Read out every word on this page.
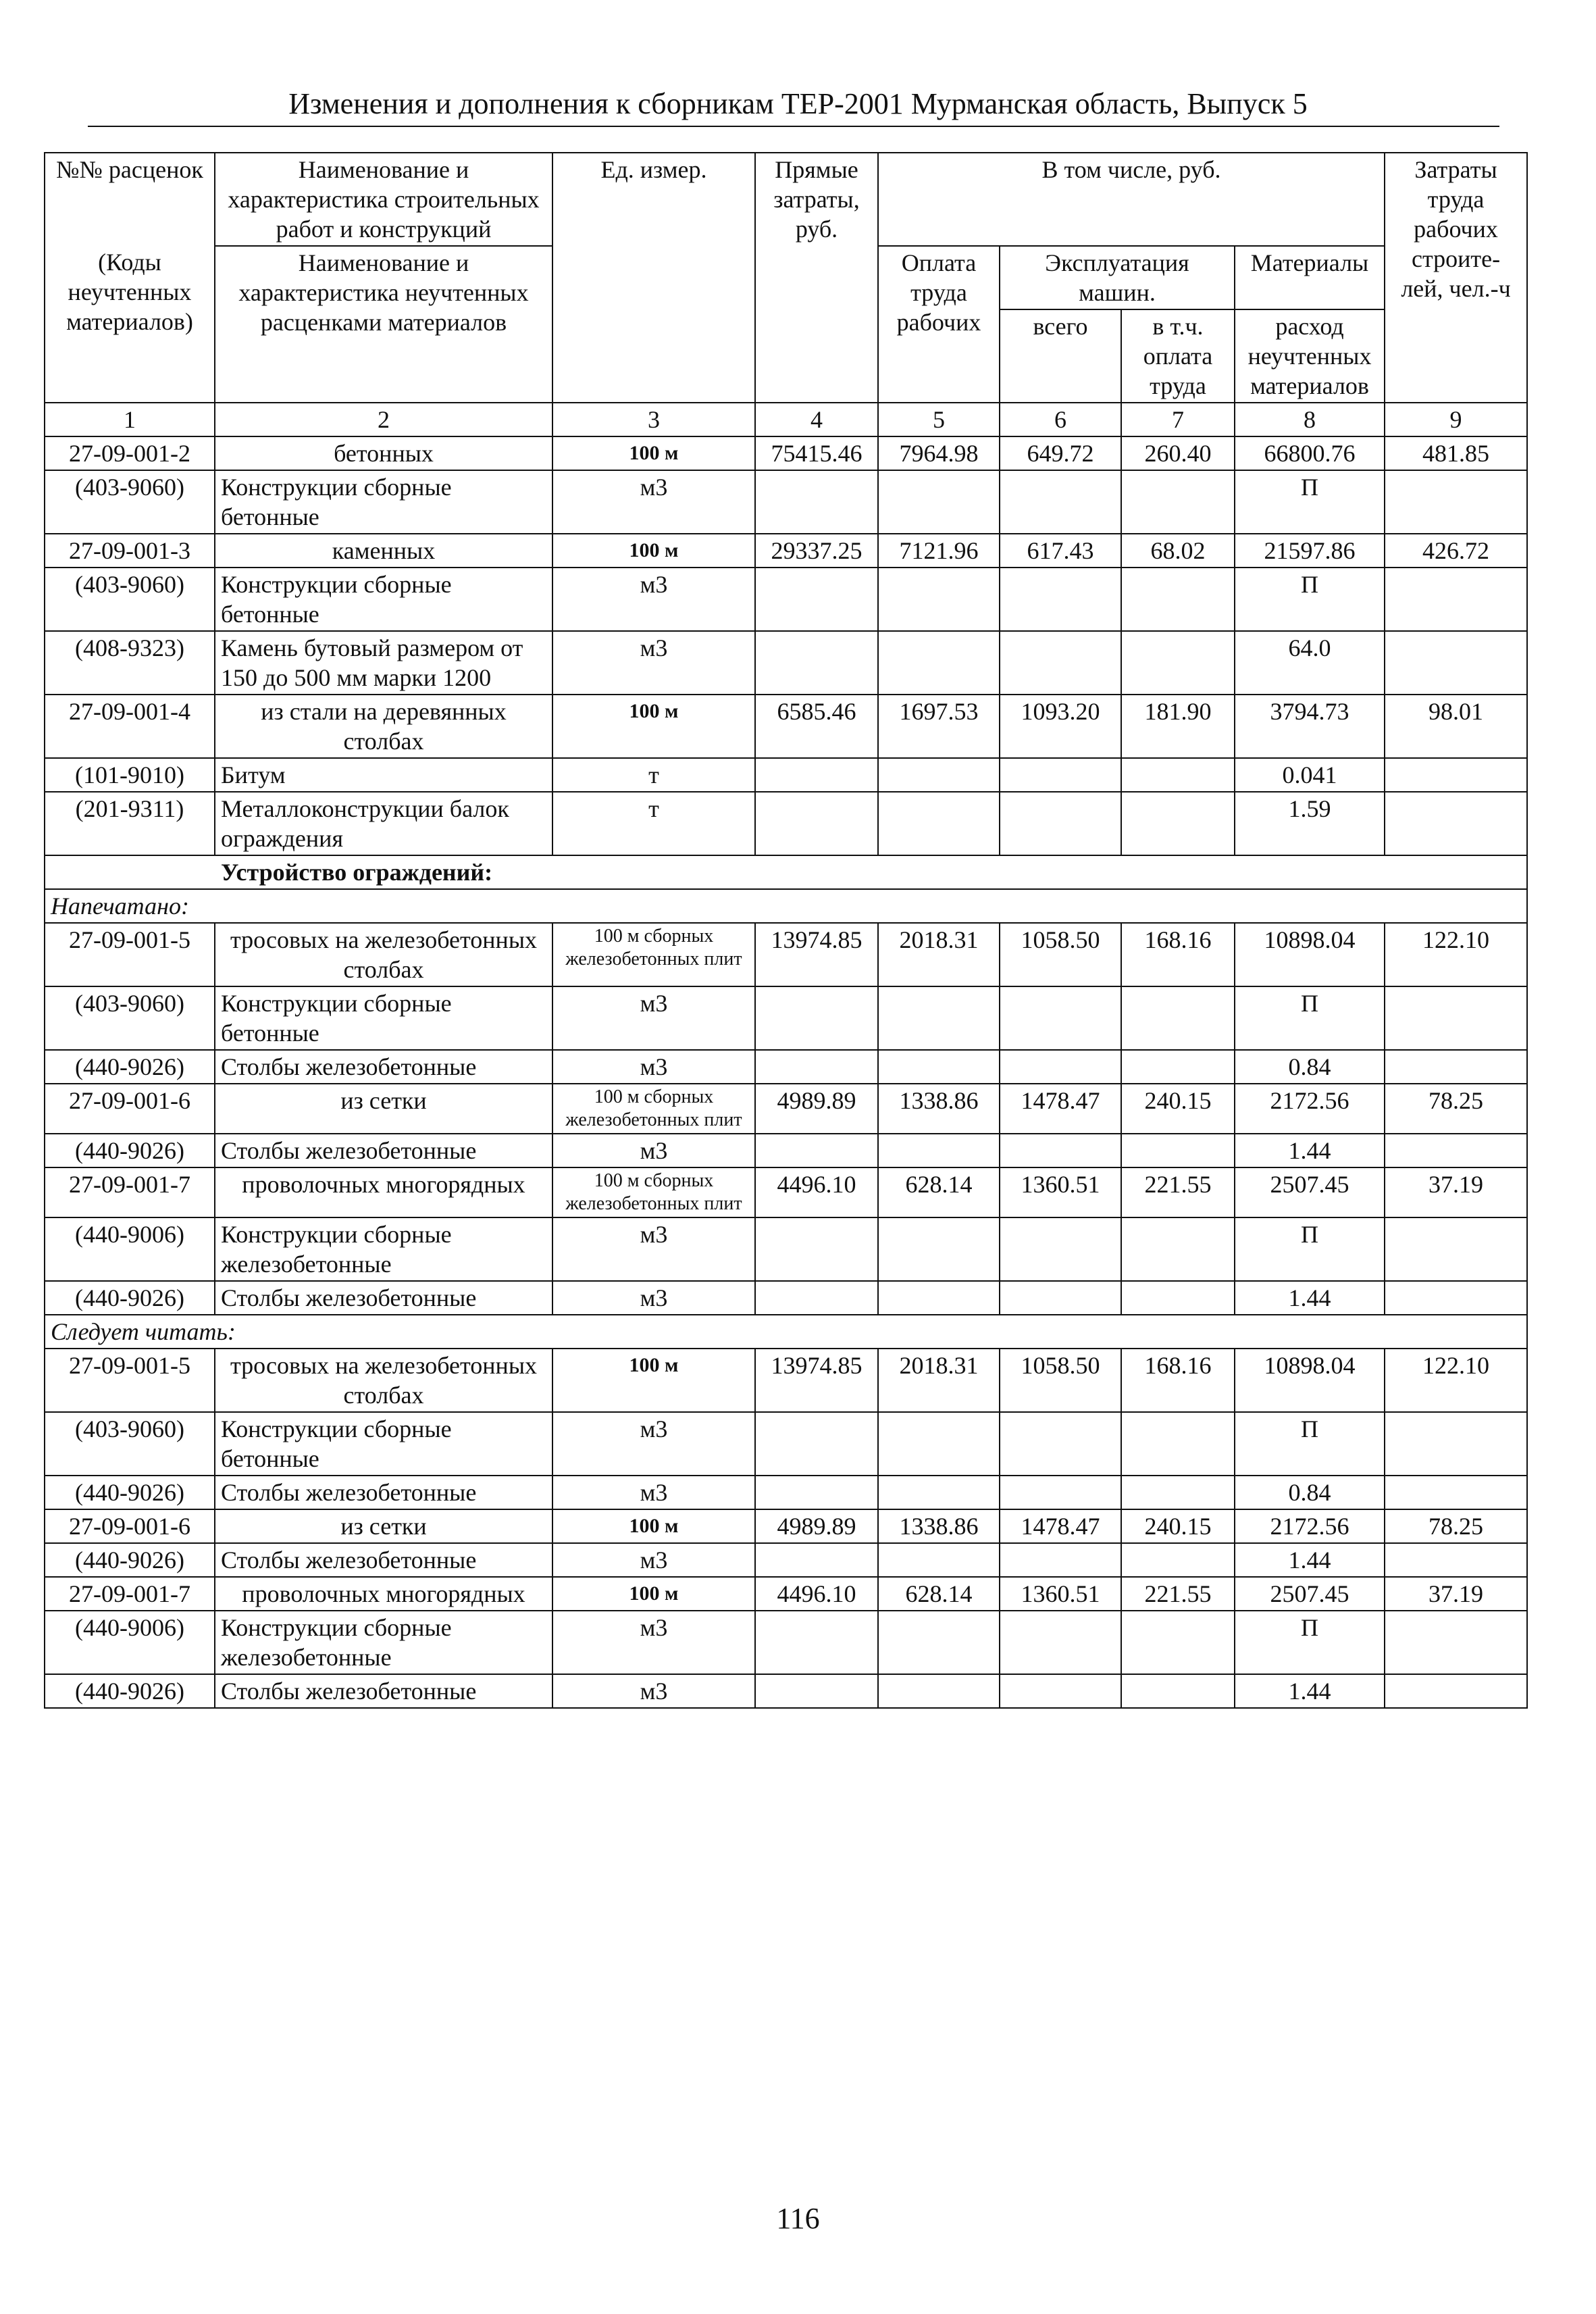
Изменения и дополнения к сборникам ТЕР-2001 Мурманская область, Выпуск 5
№№ расценок	Наименование и характеристика строительных работ и конструкций	Ед. измер.	Прямые затраты, руб.	В том числе, руб.				Затраты труда рабочих строите-лей, чел.-ч
(Коды неучтенных материалов)	Наименование и характеристика неучтенных расценками материалов			Оплата труда рабочих	Эксплуатация машин.		Материалы	
					всего	в т.ч. оплата труда	расход неучтенных материалов	
1	2	3	4	5	6	7	8	9
27-09-001-2	бетонных	100 м	75415.46	7964.98	649.72	260.40	66800.76	481.85
(403-9060)	Конструкции сборные бетонные	м3					П	
27-09-001-3	каменных	100 м	29337.25	7121.96	617.43	68.02	21597.86	426.72
(403-9060)	Конструкции сборные бетонные	м3					П	
(408-9323)	Камень бутовый размером от 150 до 500 мм марки 1200	м3					64.0	
27-09-001-4	из стали на деревянных столбах	100 м	6585.46	1697.53	1093.20	181.90	3794.73	98.01
(101-9010)	Битум	т					0.041	
(201-9311)	Металлоконструкции балок ограждения	т					1.59	
Устройство ограждений:								
Напечатано:								
27-09-001-5	тросовых на железобетонных столбах	100 м сборных железобетонных плит	13974.85	2018.31	1058.50	168.16	10898.04	122.10
(403-9060)	Конструкции сборные бетонные	м3					П	
(440-9026)	Столбы железобетонные	м3					0.84	
27-09-001-6	из сетки	100 м сборных железобетонных плит	4989.89	1338.86	1478.47	240.15	2172.56	78.25
(440-9026)	Столбы железобетонные	м3					1.44	
27-09-001-7	проволочных многорядных	100 м сборных железобетонных плит	4496.10	628.14	1360.51	221.55	2507.45	37.19
(440-9006)	Конструкции сборные железобетонные	м3					П	
(440-9026)	Столбы железобетонные	м3					1.44	
Следует читать:								
27-09-001-5	тросовых на железобетонных столбах	100 м	13974.85	2018.31	1058.50	168.16	10898.04	122.10
(403-9060)	Конструкции сборные бетонные	м3					П	
(440-9026)	Столбы железобетонные	м3					0.84	
27-09-001-6	из сетки	100 м	4989.89	1338.86	1478.47	240.15	2172.56	78.25
(440-9026)	Столбы железобетонные	м3					1.44	
27-09-001-7	проволочных многорядных	100 м	4496.10	628.14	1360.51	221.55	2507.45	37.19
(440-9006)	Конструкции сборные железобетонные	м3					П	
(440-9026)	Столбы железобетонные	м3					1.44	
116
